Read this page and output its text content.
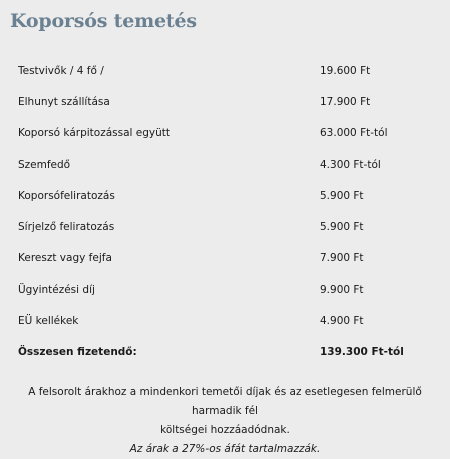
Koporsós temetés
Testvivők / 4 fő /	19.600 Ft
Elhunyt szállítása	17.900 Ft
Koporsó kárpitozással együtt	63.000 Ft-tól
Szemfedő	4.300 Ft-tól
Koporsófeliratozás	5.900 Ft
Sírjelző feliratozás	5.900 Ft
Kereszt vagy fejfa	7.900 Ft
Ügyintézési díj	9.900 Ft
EÜ kellékek	4.900 Ft
Összesen fizetendő:	139.300 Ft-tól
A felsorolt árakhoz a mindenkori temetői díjak és az esetlegesen felmerülő harmadik fél
költségei hozzáadódnak.
Az árak a 27%-os áfát tartalmazzák.
